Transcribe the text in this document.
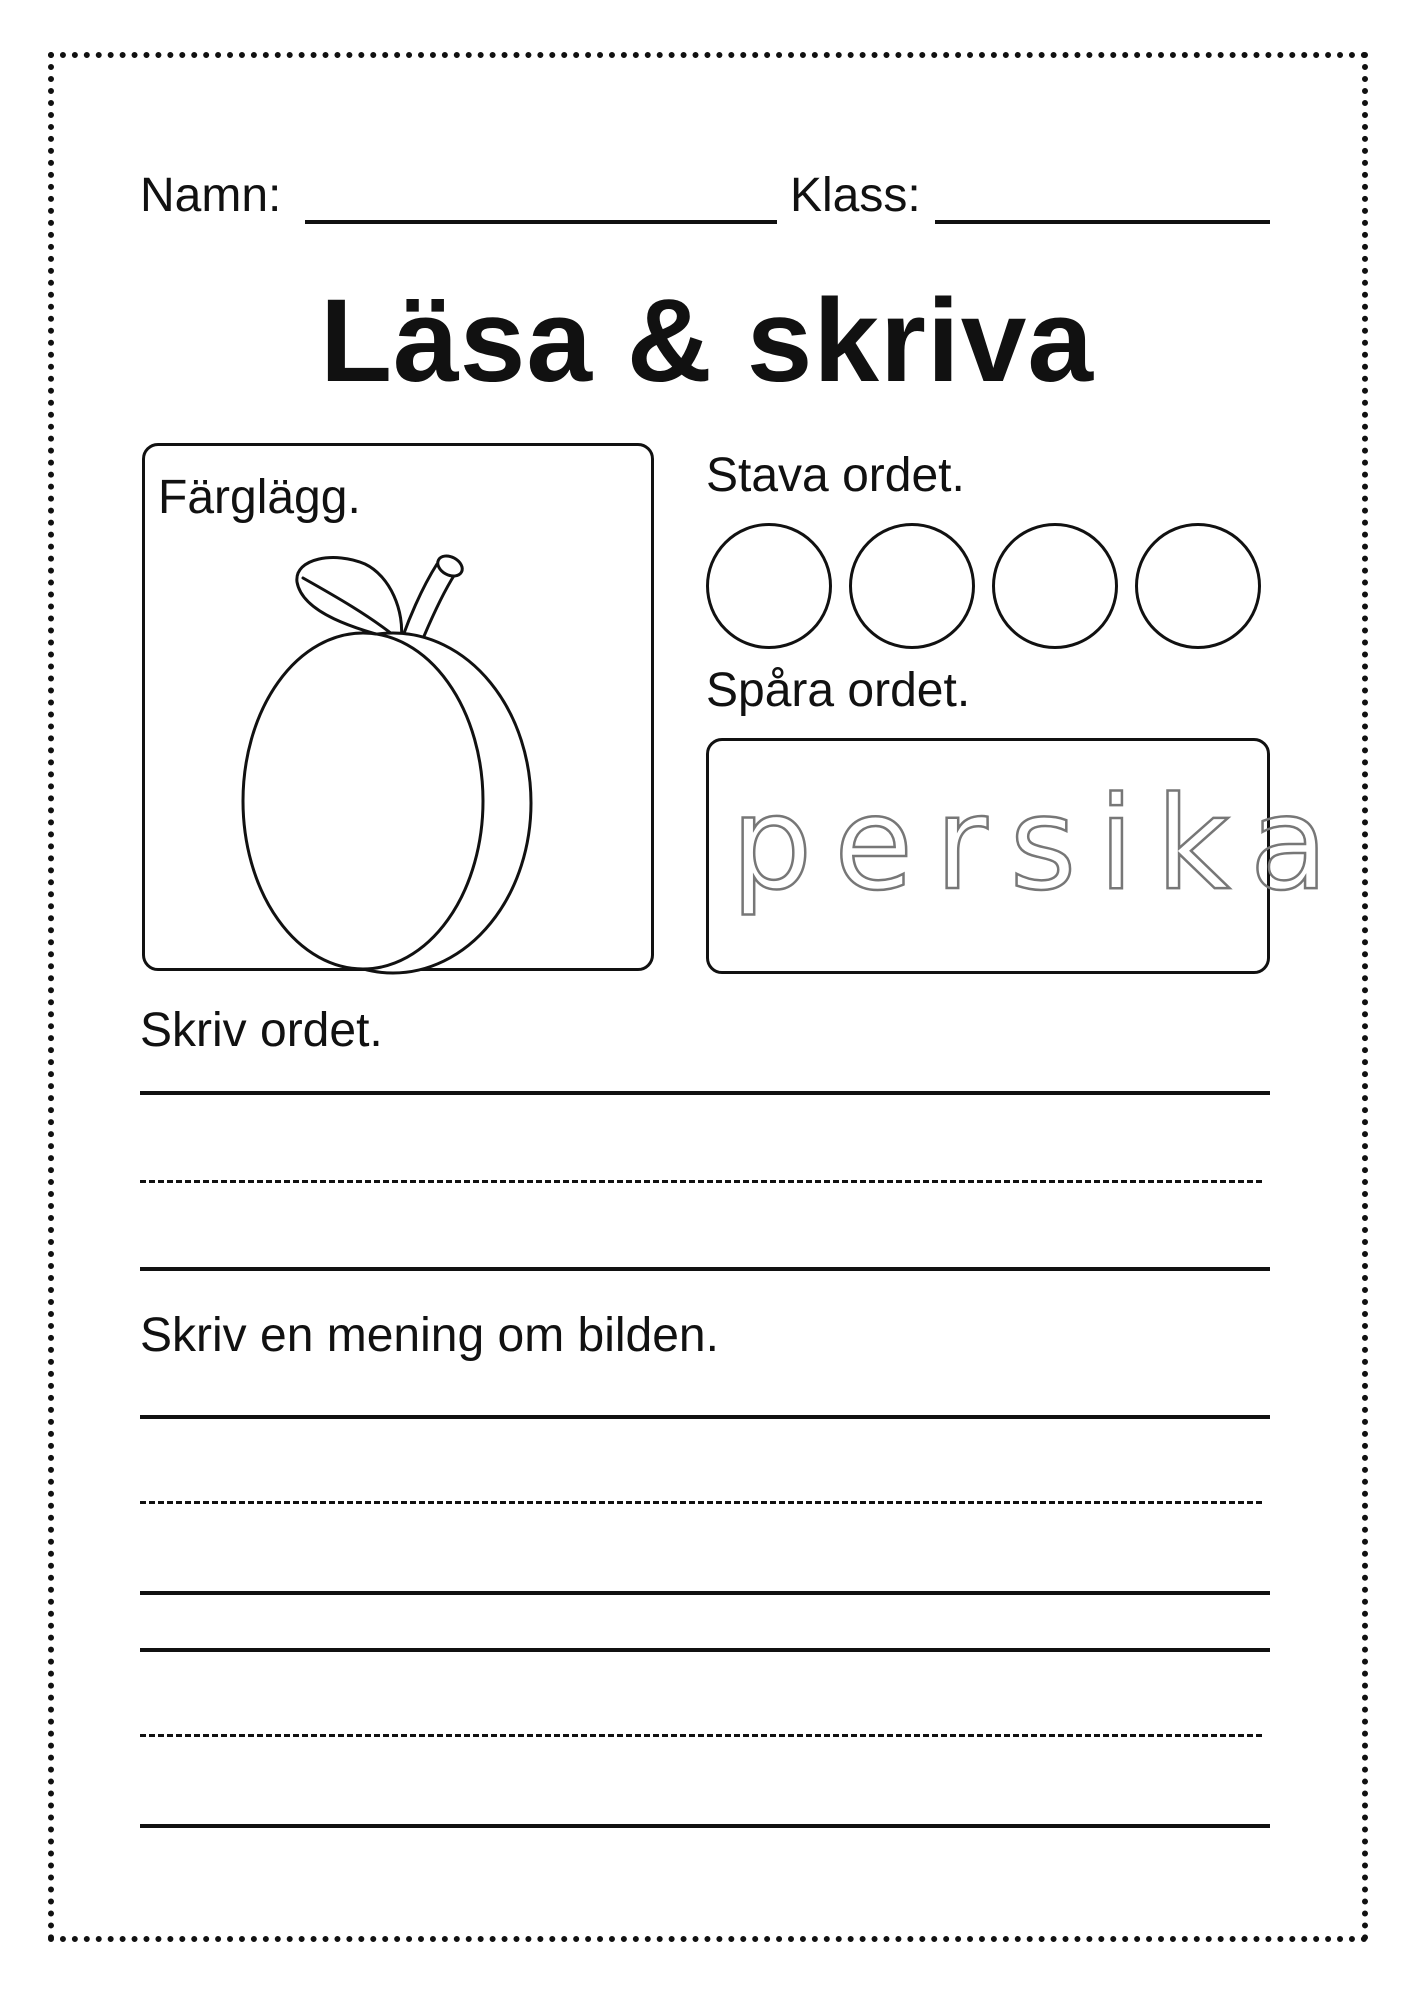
Namn:	Klass:
Läsa & skriva
Färglägg.	Stava ordet.
Spåra ordet.
persika
Skriv ordet.
Skriv en mening om bilden.
